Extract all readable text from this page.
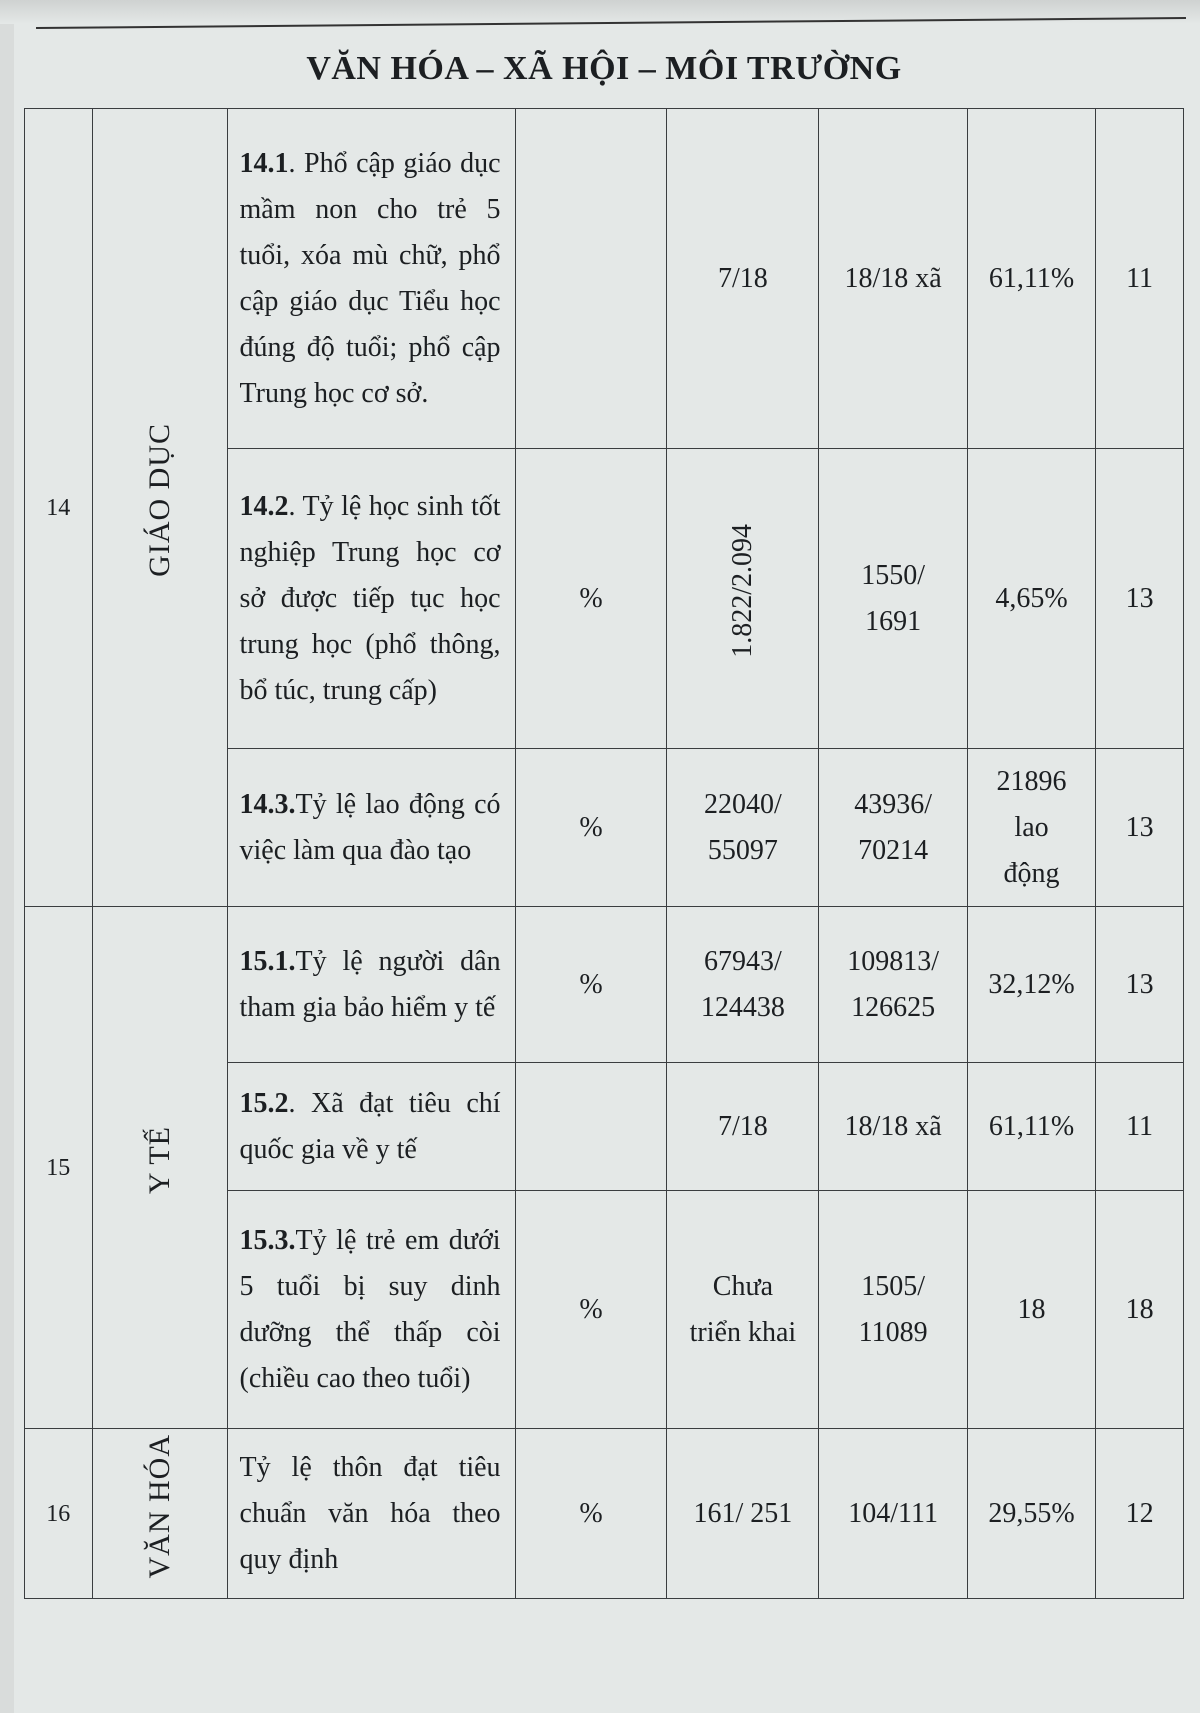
VĂN HÓA – XÃ HỘI – MÔI TRƯỜNG
14	GIÁO DỤC	14.1. Phổ cập giáo dục mầm non cho trẻ 5 tuổi, xóa mù chữ, phổ cập giáo dục Tiểu học đúng độ tuổi; phổ cập Trung học cơ sở.		7/18	18/18 xã	61,11%	11
		14.2. Tỷ lệ học sinh tốt nghiệp Trung học cơ sở được tiếp tục học trung học (phổ thông, bổ túc, trung cấp)	%	1.822/2.094	1550/
1691	4,65%	13
		14.3.Tỷ lệ lao động có việc làm qua đào tạo	%	22040/
55097	43936/
70214	21896
lao
động	13
15	Y TẾ	15.1.Tỷ lệ người dân tham gia bảo hiểm y tế	%	67943/
124438	109813/
126625	32,12%	13
		15.2. Xã đạt tiêu chí quốc gia về y tế		7/18	18/18 xã	61,11%	11
		15.3.Tỷ lệ trẻ em dưới 5 tuổi bị suy dinh dưỡng thể thấp còi (chiều cao theo tuổi)	%	Chưa
triển khai	1505/
11089	18	18
16	VĂN HÓA	Tỷ lệ thôn đạt tiêu chuẩn văn hóa theo quy định	%	161/ 251	104/111	29,55%	12
